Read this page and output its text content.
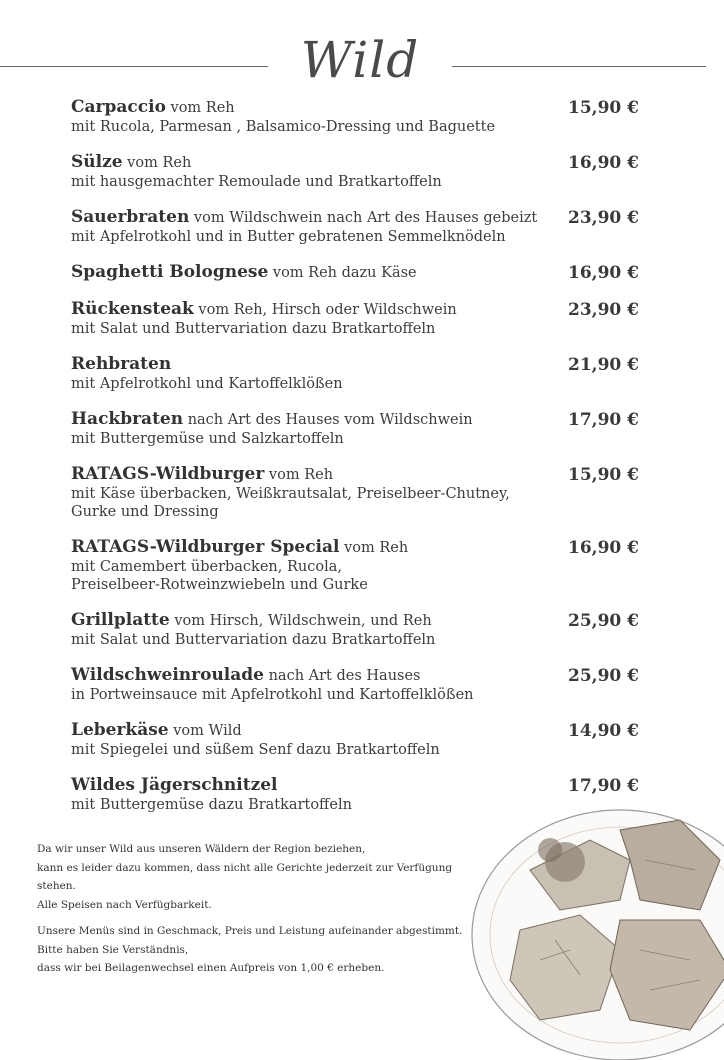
Wild
Carpaccio vom Reh
mit Rucola, Parmesan , Balsamico-Dressing und Baguette
15,90 €
Sülze vom Reh
mit hausgemachter Remoulade und Bratkartoffeln
16,90 €
Sauerbraten vom Wildschwein nach Art des Hauses gebeizt
mit Apfelrotkohl und in Butter gebratenen Semmelknödeln
23,90 €
Spaghetti Bolognese vom Reh dazu Käse	16,90 €
Rückensteak vom Reh, Hirsch oder Wildschwein
mit Salat und Buttervariation dazu Bratkartoffeln
23,90 €
Rehbraten
mit Apfelrotkohl und Kartoffelklößen
21,90 €
Hackbraten nach Art des Hauses vom Wildschwein
mit Buttergemüse und Salzkartoffeln
17,90 €
RATAGS-Wildburger vom Reh
mit Käse überbacken, Weißkrautsalat, Preiselbeer-Chutney,
Gurke und Dressing
15,90 €
RATAGS-Wildburger Special vom Reh
mit Camembert überbacken, Rucola,
Preiselbeer-Rotweinzwiebeln und Gurke
16,90 €
Grillplatte vom Hirsch, Wildschwein, und Reh
mit Salat und Buttervariation dazu Bratkartoffeln
25,90 €
Wildschweinroulade nach Art des Hauses
in Portweinsauce mit Apfelrotkohl und Kartoffelklößen
25,90 €
Leberkäse vom Wild
mit Spiegelei und süßem Senf dazu Bratkartoffeln
14,90 €
Wildes Jägerschnitzel
mit Buttergemüse dazu Bratkartoffeln
17,90 €

Da wir unser Wild aus unseren Wäldern der Region beziehen,
kann es leider dazu kommen, dass nicht alle Gerichte jederzeit zur Verfügung stehen.
Alle Speisen nach Verfügbarkeit.

Unsere Menüs sind in Geschmack, Preis und Leistung aufeinander abgestimmt.
Bitte haben Sie Verständnis,
dass wir bei Beilagenwechsel einen Aufpreis von 1,00 € erheben.
